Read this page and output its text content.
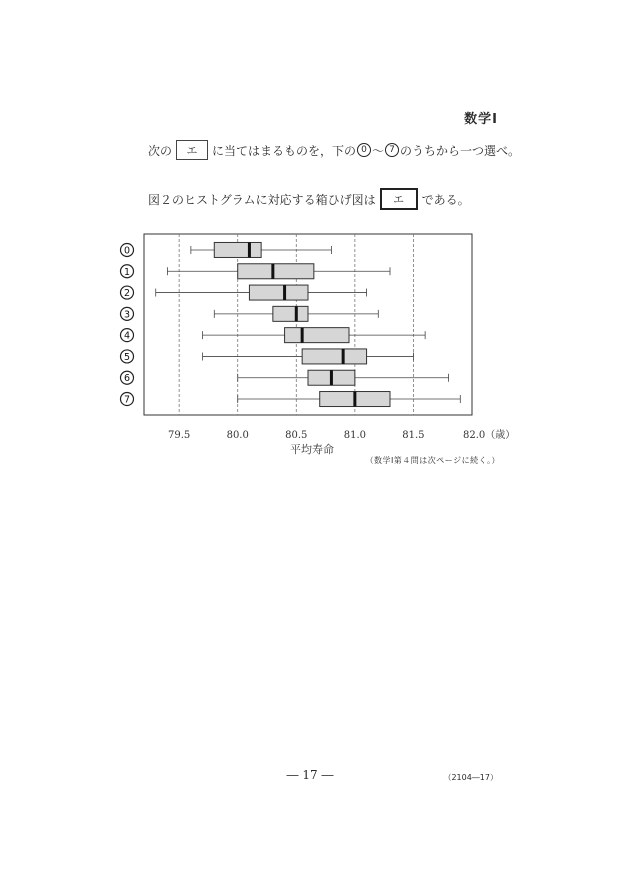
数学Ⅰ
次の	エ	に当てはまるものを，下の 0 ～ 7 のうちから一つ選べ。
図２のヒストグラムに対応する箱ひげ図は	エ	である。
79.5	80.0	80.5	81.0	81.5	82.0（歳）
平均寿命
0
1
2
3
4
5
6
7
（数学Ⅰ第４問は次ページに続く。）
― 17 ―	（2104―17）
